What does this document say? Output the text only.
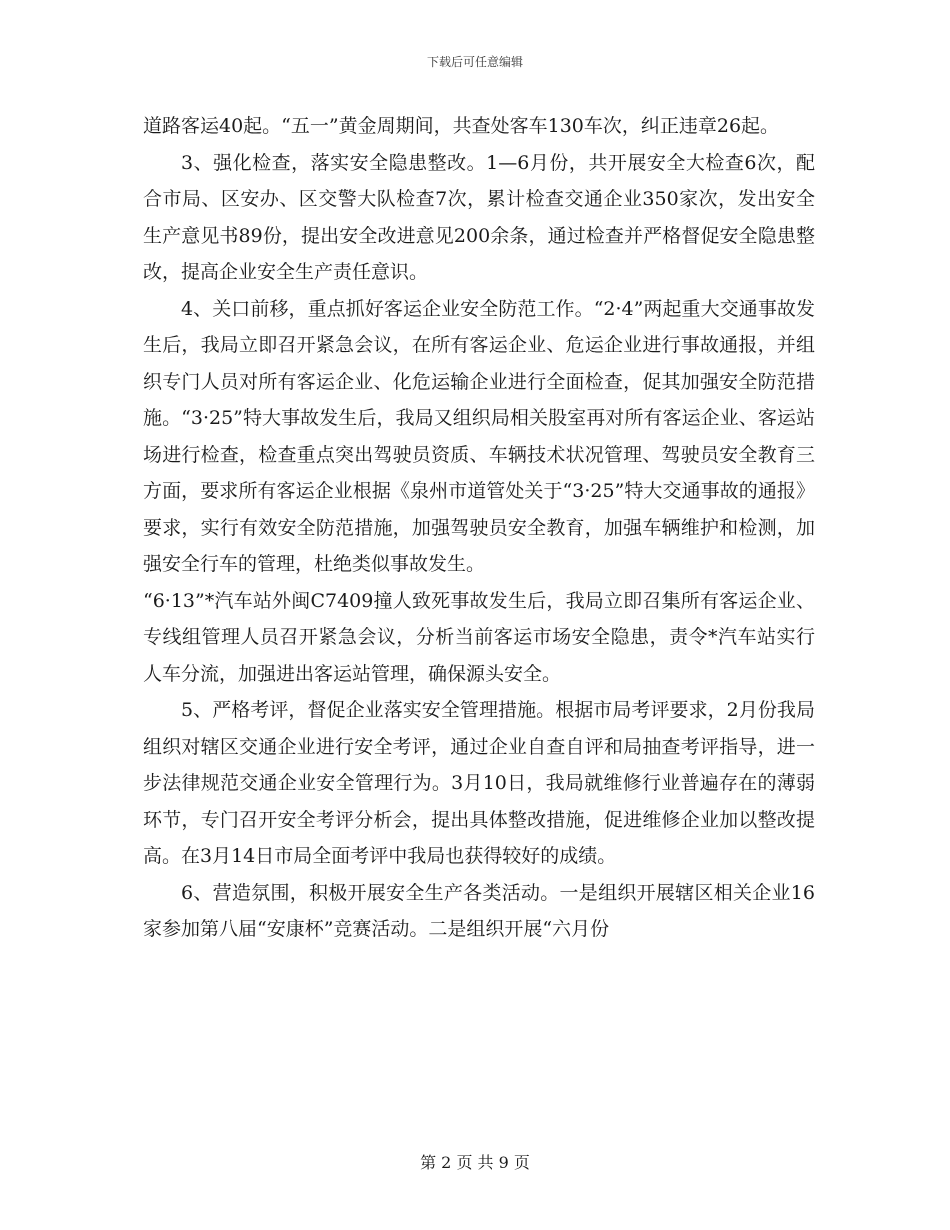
下载后可任意编辑

道路客运40起。“五一”黄金周期间，共查处客车130车次，纠正违章26起。

3、强化检查，落实安全隐患整改。1—6月份，共开展安全大检查6次，配合市局、区安办、区交警大队检查7次，累计检查交通企业350家次，发出安全生产意见书89份，提出安全改进意见200余条，通过检查并严格督促安全隐患整改，提高企业安全生产责任意识。

4、关口前移，重点抓好客运企业安全防范工作。“2·4”两起重大交通事故发生后，我局立即召开紧急会议，在所有客运企业、危运企业进行事故通报，并组织专门人员对所有客运企业、化危运输企业进行全面检查，促其加强安全防范措施。“3·25”特大事故发生后，我局又组织局相关股室再对所有客运企业、客运站场进行检查，检查重点突出驾驶员资质、车辆技术状况管理、驾驶员安全教育三方面，要求所有客运企业根据《泉州市道管处关于“3·25”特大交通事故的通报》要求，实行有效安全防范措施，加强驾驶员安全教育，加强车辆维护和检测，加强安全行车的管理，杜绝类似事故发生。

“6·13”*汽车站外闽C7409撞人致死事故发生后，我局立即召集所有客运企业、专线组管理人员召开紧急会议，分析当前客运市场安全隐患，责令*汽车站实行人车分流，加强进出客运站管理，确保源头安全。

5、严格考评，督促企业落实安全管理措施。根据市局考评要求，2月份我局组织对辖区交通企业进行安全考评，通过企业自查自评和局抽查考评指导，进一步法律规范交通企业安全管理行为。3月10日，我局就维修行业普遍存在的薄弱环节，专门召开安全考评分析会，提出具体整改措施，促进维修企业加以整改提高。在3月14日市局全面考评中我局也获得较好的成绩。

6、营造氛围，积极开展安全生产各类活动。一是组织开展辖区相关企业16家参加第八届“安康杯”竞赛活动。二是组织开展“六月份

第 2 页 共 9 页
